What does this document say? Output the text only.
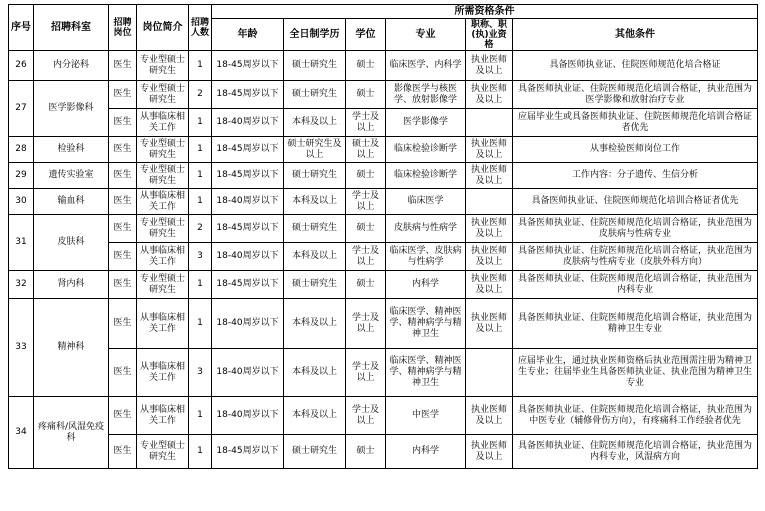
序号	招聘科室	招聘岗位	岗位简介	招聘人数	所需资格条件					
					年龄	全日制学历	学位	专业	职称、职(执)业资格	其他条件
26	内分泌科	医生	专业型硕士研究生	1	18-45周岁以下	硕士研究生	硕士	临床医学、内科学	执业医师及以上	具备医师执业证、住院医师规范化培合格证
27	医学影像科	医生	专业型硕士研究生	2	18-45周岁以下	硕士研究生	硕士	影像医学与核医学、放射影像学	执业医师及以上	具备医师执业证、住院医师规范化培训合格证，执业范围为医学影像和放射治疗专业
		医生	从事临床相关工作	1	18-40周岁以下	本科及以上	学士及以上	医学影像学		应届毕业生或具备医师执业证、住院医师规范化培训合格证者优先
28	检验科	医生	专业型硕士研究生	1	18-45周岁以下	硕士研究生及以上	硕士及以上	临床检验诊断学	执业医师及以上	从事检验医师岗位工作
29	遗传实验室	医生	专业型硕士研究生	1	18-45周岁以下	硕士研究生	硕士	临床检验诊断学	执业医师及以上	工作内容：分子遗传、生信分析
30	输血科	医生	从事临床相关工作	1	18-40周岁以下	本科及以上	学士及以上	临床医学		具备医师执业证、住院医师规范化培训合格证者优先
31	皮肤科	医生	专业型硕士研究生	2	18-45周岁以下	硕士研究生	硕士	皮肤病与性病学	执业医师及以上	具备医师执业证、住院医师规范化培训合格证，执业范围为皮肤病与性病专业
		医生	从事临床相关工作	3	18-40周岁以下	本科及以上	学士及以上	临床医学、皮肤病与性病学	执业医师及以上	具备医师执业证、住院医师规范化培训合格证，执业范围为皮肤病与性病专业（皮肤外科方向）
32	肾内科	医生	专业型硕士研究生	1	18-45周岁以下	硕士研究生	硕士	内科学	执业医师及以上	具备医师执业证、住院医师规范化培训合格证，执业范围为内科专业
33	精神科	医生	从事临床相关工作	1	18-40周岁以下	本科及以上	学士及以上	临床医学、精神医学、精神病学与精神卫生	执业医师及以上	具备医师执业证、住院医师规范化培训合格证，执业范围为精神卫生专业
		医生	从事临床相关工作	3	18-40周岁以下	本科及以上	学士及以上	临床医学、精神医学、精神病学与精神卫生		应届毕业生，通过执业医师资格后执业范围需注册为精神卫生专业；往届毕业生具备医师执业证、执业范围为精神卫生专业
34	疼痛科/风湿免疫科	医生	从事临床相关工作	1	18-40周岁以下	本科及以上	学士及以上	中医学	执业医师及以上	具备医师执业证、住院医师规范化培训合格证，执业范围为中医专业（辅修骨伤方向），有疼痛科工作经验者优先
		医生	专业型硕士研究生	1	18-45周岁以下	硕士研究生	硕士	内科学	执业医师及以上	具备医师执业证、住院医师规范化培训合格证，执业范围为内科专业，风湿病方向
